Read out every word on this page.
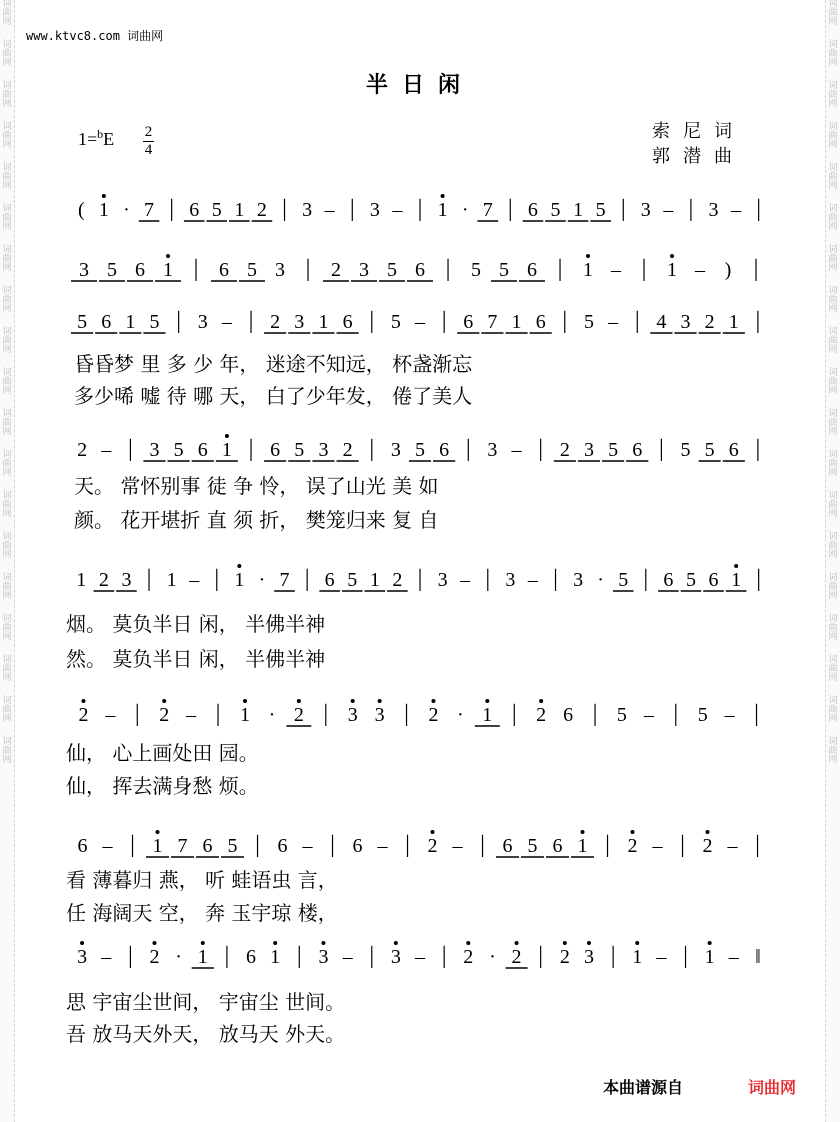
词
曲
网
词
曲
网
词
曲
网
词
曲
网
词
曲
网
词
曲
网
词
曲
网
词
曲
网
词
曲
网
词
曲
网
词
曲
网
词
曲
网
词
曲
网
词
曲
网
词
曲
网
词
曲
网
词
曲
网
词
曲
网
词
曲
网
词
曲
网
词
曲
网
词
曲
网
词
曲
网
词
曲
网
词
曲
网
词
曲
网
词
曲
网
词
曲
网
词
曲
网
词
曲
网
词
曲
网
词
曲
网
词
曲
网
词
曲
网
词
曲
网
词
曲
网
词
曲
网
词
曲
网
www.ktvc8.com 词曲网
半日闲
1=$^b$E 2
4
索尼词
郭潜曲
( 1 · 7 | 6 5 1 2 | 3 – | 3 – | 1 · 7 | 6 5 1 5 | 3 – | 3 – |
3 5 6 1 | 6 5 3 | 2 3 5 6 | 5 5 6 | 1 – | 1 – ) |
5 6 1 5 | 3 – | 2 3 1 6 | 5 – | 6 7 1 6 | 5 – | 4 3 2 1 |
2 – | 3 5 6 1 | 6 5 3 2 | 3 5 6 | 3 – | 2 3 5 6 | 5 5 6 |
1 2 3 | 1 – | 1 · 7 | 6 5 1 2 | 3 – | 3 – | 3 · 5 | 6 5 6 1 |
2 – | 2 – | 1 · 2 | 3 3 | 2 · 1 | 2 6 | 5 – | 5 – |
6 – | 1 7 6 5 | 6 – | 6 – | 2 – | 6 5 6 1 | 2 – | 2 – |
3 – | 2 · 1 | 6 1 | 3 – | 3 – | 2 · 2 | 2 3 | 1 – | 1 – ‖
昏昏梦 里 多 少 年， 迷途不知远， 杯盏渐忘
多少唏 嘘 待 哪 天， 白了少年发， 倦了美人
天。 常怀别事 徒 争 怜， 误了山光 美 如
颜。 花开堪折 直 须 折， 樊笼归来 复 自
烟。 莫负半日 闲， 半佛半神
然。 莫负半日 闲， 半佛半神
仙， 心上画处田 园。
仙， 挥去满身愁 烦。
看 薄暮归 燕， 听 蛙语虫 言，
任 海阔天 空， 奔 玉宇琼 楼，
思 宇宙尘世间， 宇宙尘 世间。
吾 放马天外天， 放马天 外天。
本曲谱源自	词曲网
